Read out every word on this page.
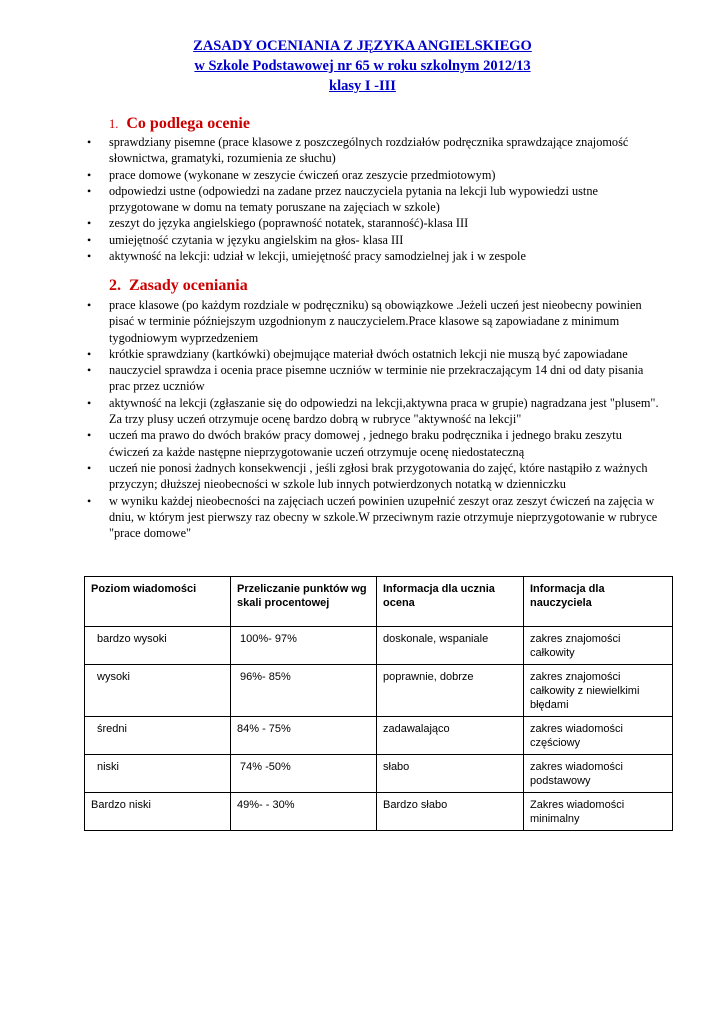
ZASADY OCENIANIA Z JĘZYKA ANGIELSKIEGO
w Szkole Podstawowej nr 65 w roku szkolnym 2012/13
klasy I -III
1. Co podlega ocenie
• sprawdziany pisemne (prace klasowe z poszczególnych rozdziałów podręcznika sprawdzające znajomość słownictwa, gramatyki, rozumienia ze słuchu)
• prace domowe (wykonane w zeszycie ćwiczeń oraz zeszycie przedmiotowym)
• odpowiedzi ustne (odpowiedzi na zadane przez nauczyciela pytania na lekcji lub wypowiedzi ustne przygotowane w domu na tematy poruszane na zajęciach w szkole)
• zeszyt do języka angielskiego (poprawność notatek, staranność)-klasa III
• umiejętność czytania w języku angielskim na głos- klasa III
• aktywność na lekcji: udział w lekcji, umiejętność pracy samodzielnej jak i w zespole
2. Zasady oceniania
• prace klasowe (po każdym rozdziale w podręczniku) są obowiązkowe .Jeżeli uczeń jest nieobecny powinien pisać w terminie późniejszym uzgodnionym z nauczycielem.Prace klasowe są zapowiadane z minimum tygodniowym wyprzedzeniem
• krótkie sprawdziany (kartkówki) obejmujące materiał dwóch ostatnich lekcji nie muszą być zapowiadane
• nauczyciel sprawdza i ocenia prace pisemne uczniów w terminie nie przekraczającym 14 dni od daty pisania prac przez uczniów
• aktywność na lekcji (zgłaszanie się do odpowiedzi na lekcji,aktywna praca w grupie) nagradzana jest "plusem". Za trzy plusy uczeń otrzymuje ocenę bardzo dobrą w rubryce "aktywność na lekcji"
• uczeń ma prawo do dwóch braków pracy domowej , jednego braku podręcznika i jednego braku zeszytu ćwiczeń za każde następne nieprzygotowanie uczeń otrzymuje ocenę niedostateczną
• uczeń nie ponosi żadnych konsekwencji , jeśli zgłosi brak przygotowania do zajęć, które nastąpiło z ważnych przyczyn; dłuższej nieobecności w szkole lub innych potwierdzonych notatką w dzienniczku
• w wyniku każdej nieobecności na zajęciach uczeń powinien uzupełnić zeszyt oraz zeszyt ćwiczeń na zajęcia w dniu, w którym jest pierwszy raz obecny w szkole.W przeciwnym razie otrzymuje nieprzygotowanie w rubryce "prace domowe"
Poziom wiadomości	Przeliczanie punktów wg skali procentowej	Informacja dla ucznia ocena	Informacja dla nauczyciela
bardzo wysoki	100%- 97%	doskonale, wspaniale	zakres znajomości całkowity
wysoki	96%- 85%	poprawnie, dobrze	zakres znajomości całkowity z niewielkimi błędami
średni	84% - 75%	zadawalająco	zakres wiadomości częściowy
niski	74% -50%	słabo	zakres wiadomości podstawowy
Bardzo niski	49%- - 30%	Bardzo słabo	Zakres wiadomości minimalny
